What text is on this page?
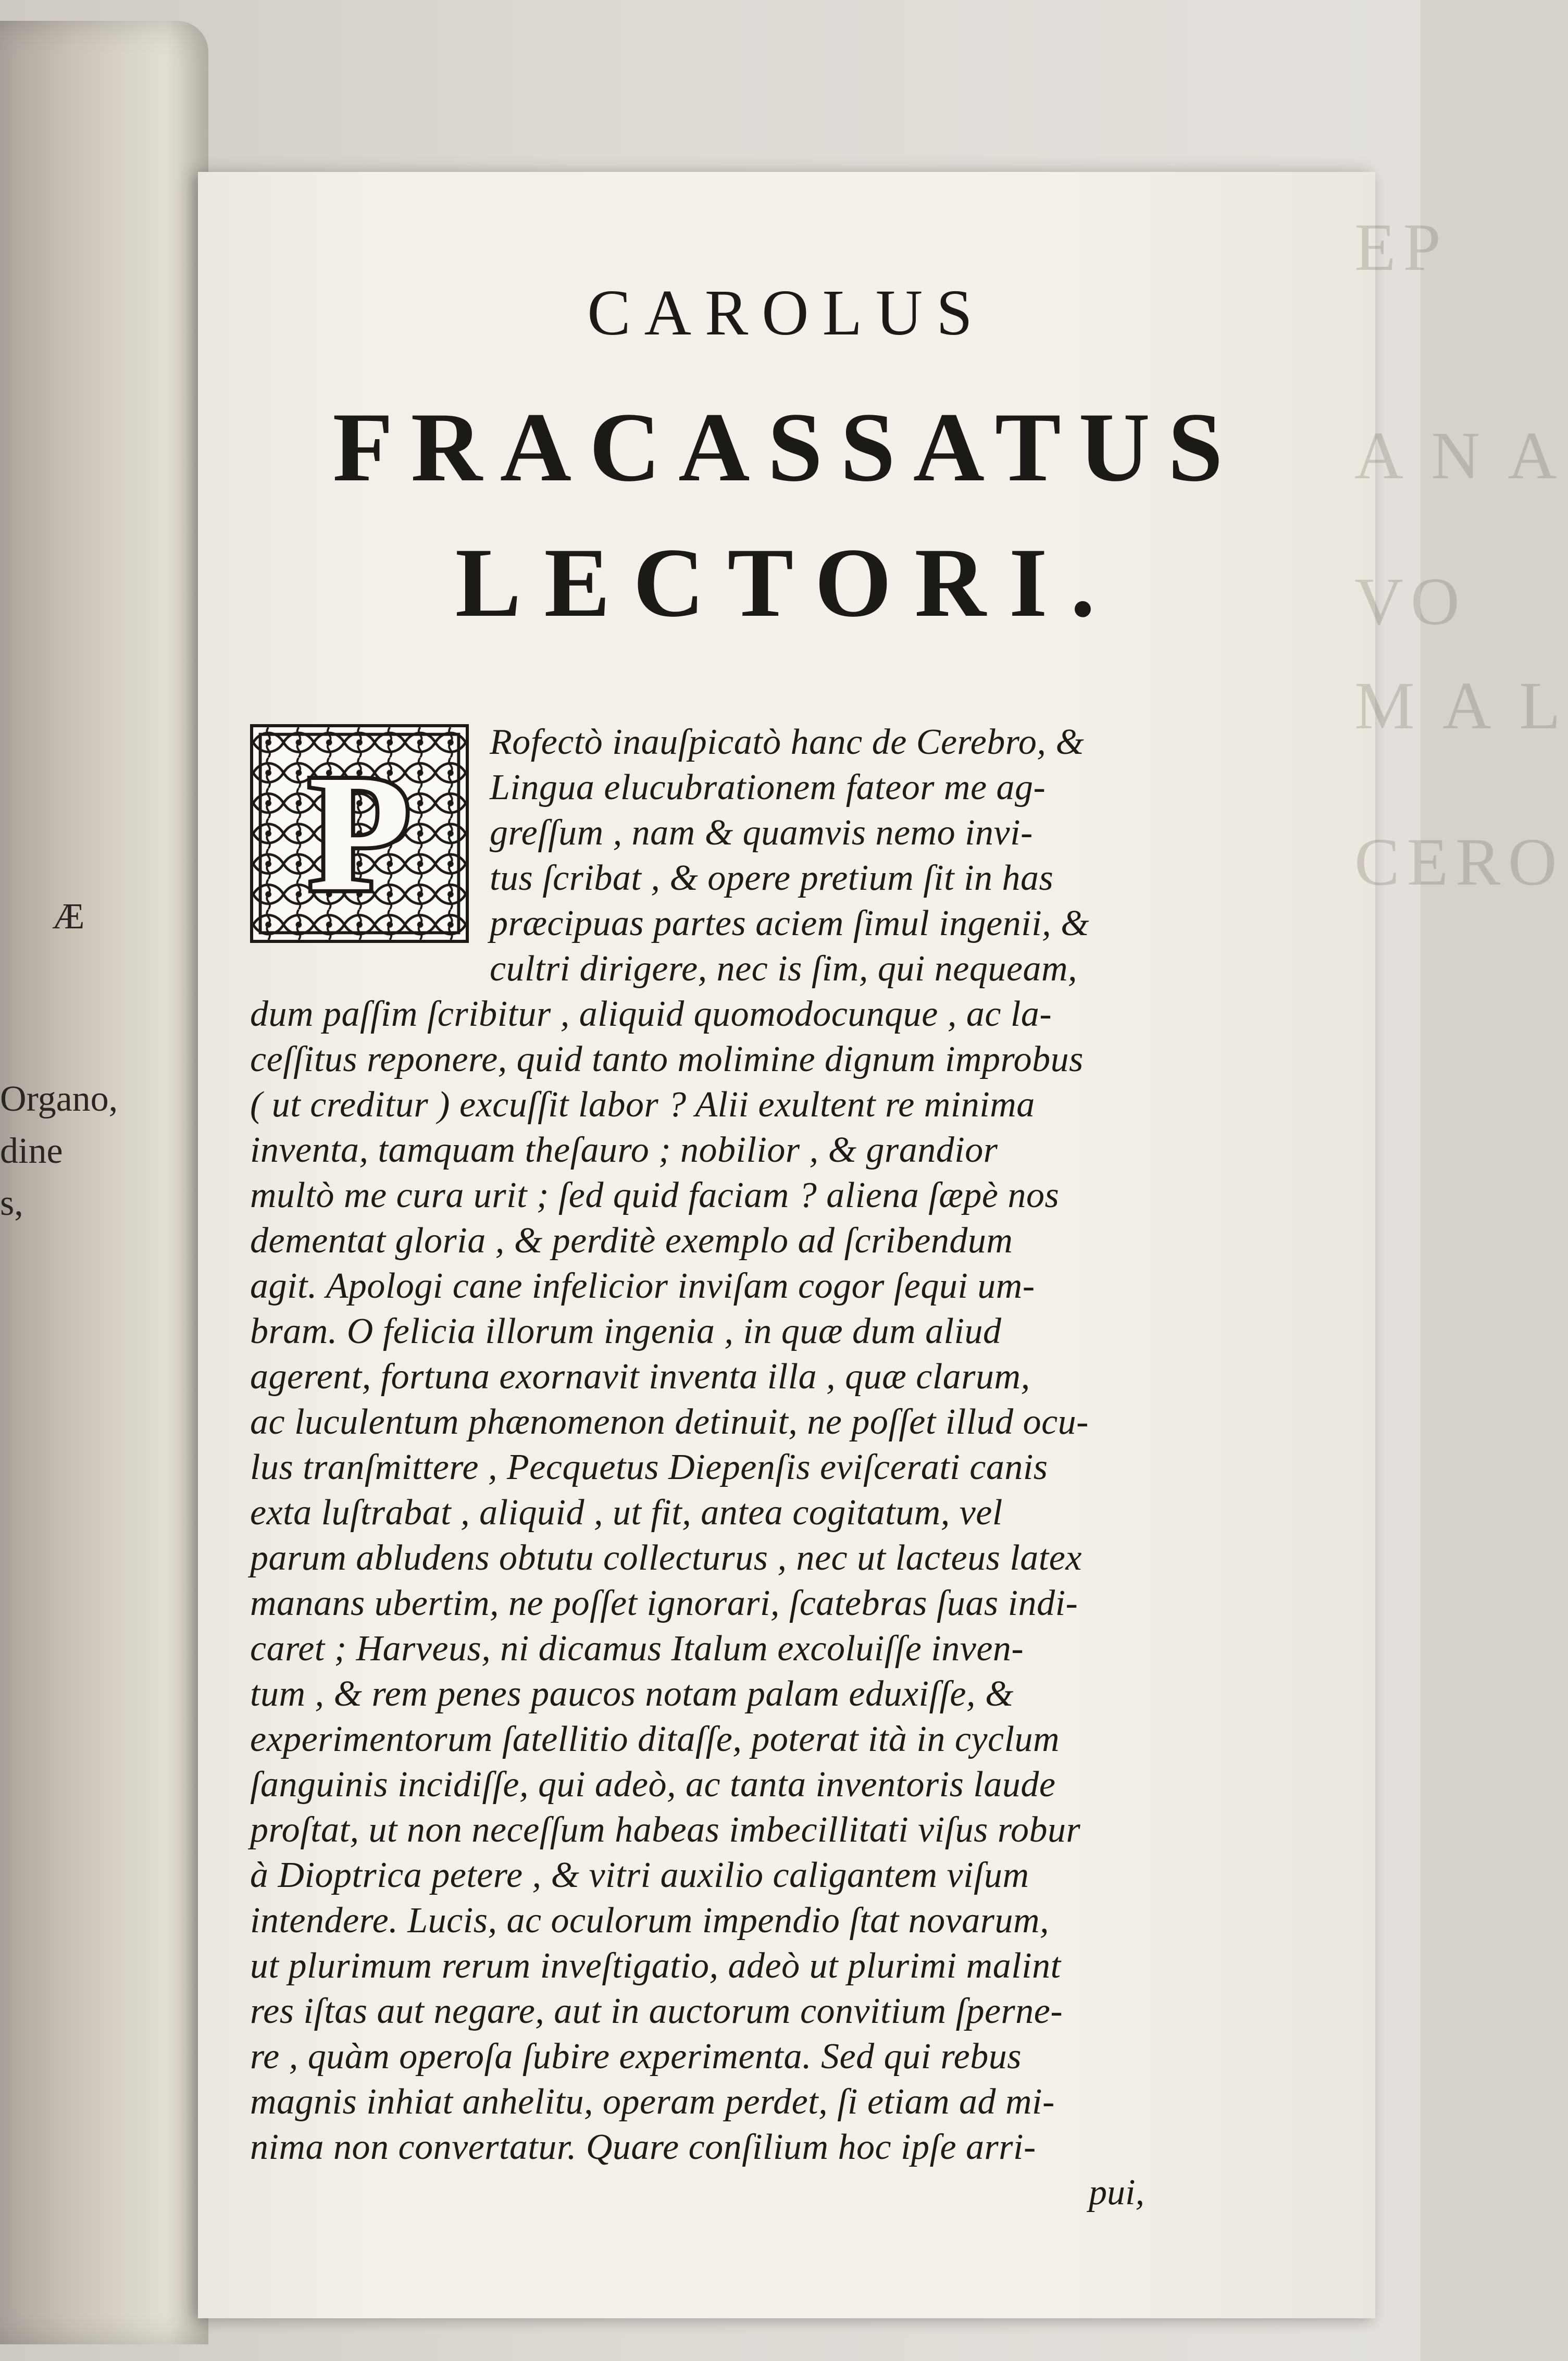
Æ
Organo,
dine
s,
CAROLUS
FRACASSATUS
LECTORI.
P Rofectò inauſpicatò hanc de Cerebro, &
Lingua elucubrationem fateor me ag-
greſſum , nam & quamvis nemo invi-
tus ſcribat , & opere pretium ſit in has
præcipuas partes aciem ſimul ingenii, &
cultri dirigere, nec is ſim, qui nequeam,
dum paſſim ſcribitur , aliquid quomodocunque , ac la-
ceſſitus reponere, quid tanto molimine dignum improbus
( ut creditur ) excuſſit labor ? Alii exultent re minima
inventa, tamquam theſauro ; nobilior , & grandior
multò me cura urit ; ſed quid faciam ? aliena ſæpè nos
dementat gloria , & perditè exemplo ad ſcribendum
agit. Apologi cane infelicior inviſam cogor ſequi um-
bram. O felicia illorum ingenia , in quæ dum aliud
agerent, fortuna exornavit inventa illa , quæ clarum,
ac luculentum phænomenon detinuit, ne poſſet illud ocu-
lus tranſmittere , Pecquetus Diepenſis eviſcerati canis
exta luſtrabat , aliquid , ut fit, antea cogitatum, vel
parum abludens obtutu collecturus , nec ut lacteus latex
manans ubertim, ne poſſet ignorari, ſcatebras ſuas indi-
caret ; Harveus, ni dicamus Italum excoluiſſe inven-
tum , & rem penes paucos notam palam eduxiſſe, &
experimentorum ſatellitio ditaſſe, poterat ità in cyclum
ſanguinis incidiſſe, qui adeò, ac tanta inventoris laude
proſtat, ut non neceſſum habeas imbecillitati viſus robur
à Dioptrica petere , & vitri auxilio caligantem viſum
intendere. Lucis, ac oculorum impendio ſtat novarum,
ut plurimum rerum inveſtigatio, adeò ut plurimi malint
res iſtas aut negare, aut in auctorum convitium ſperne-
re , quàm operoſa ſubire experimenta. Sed qui rebus
magnis inhiat anhelitu, operam perdet, ſi etiam ad mi-
nima non convertatur. Quare conſilium hoc ipſe arri-
pui,
EP
A N A
VO
M A L
CERO
